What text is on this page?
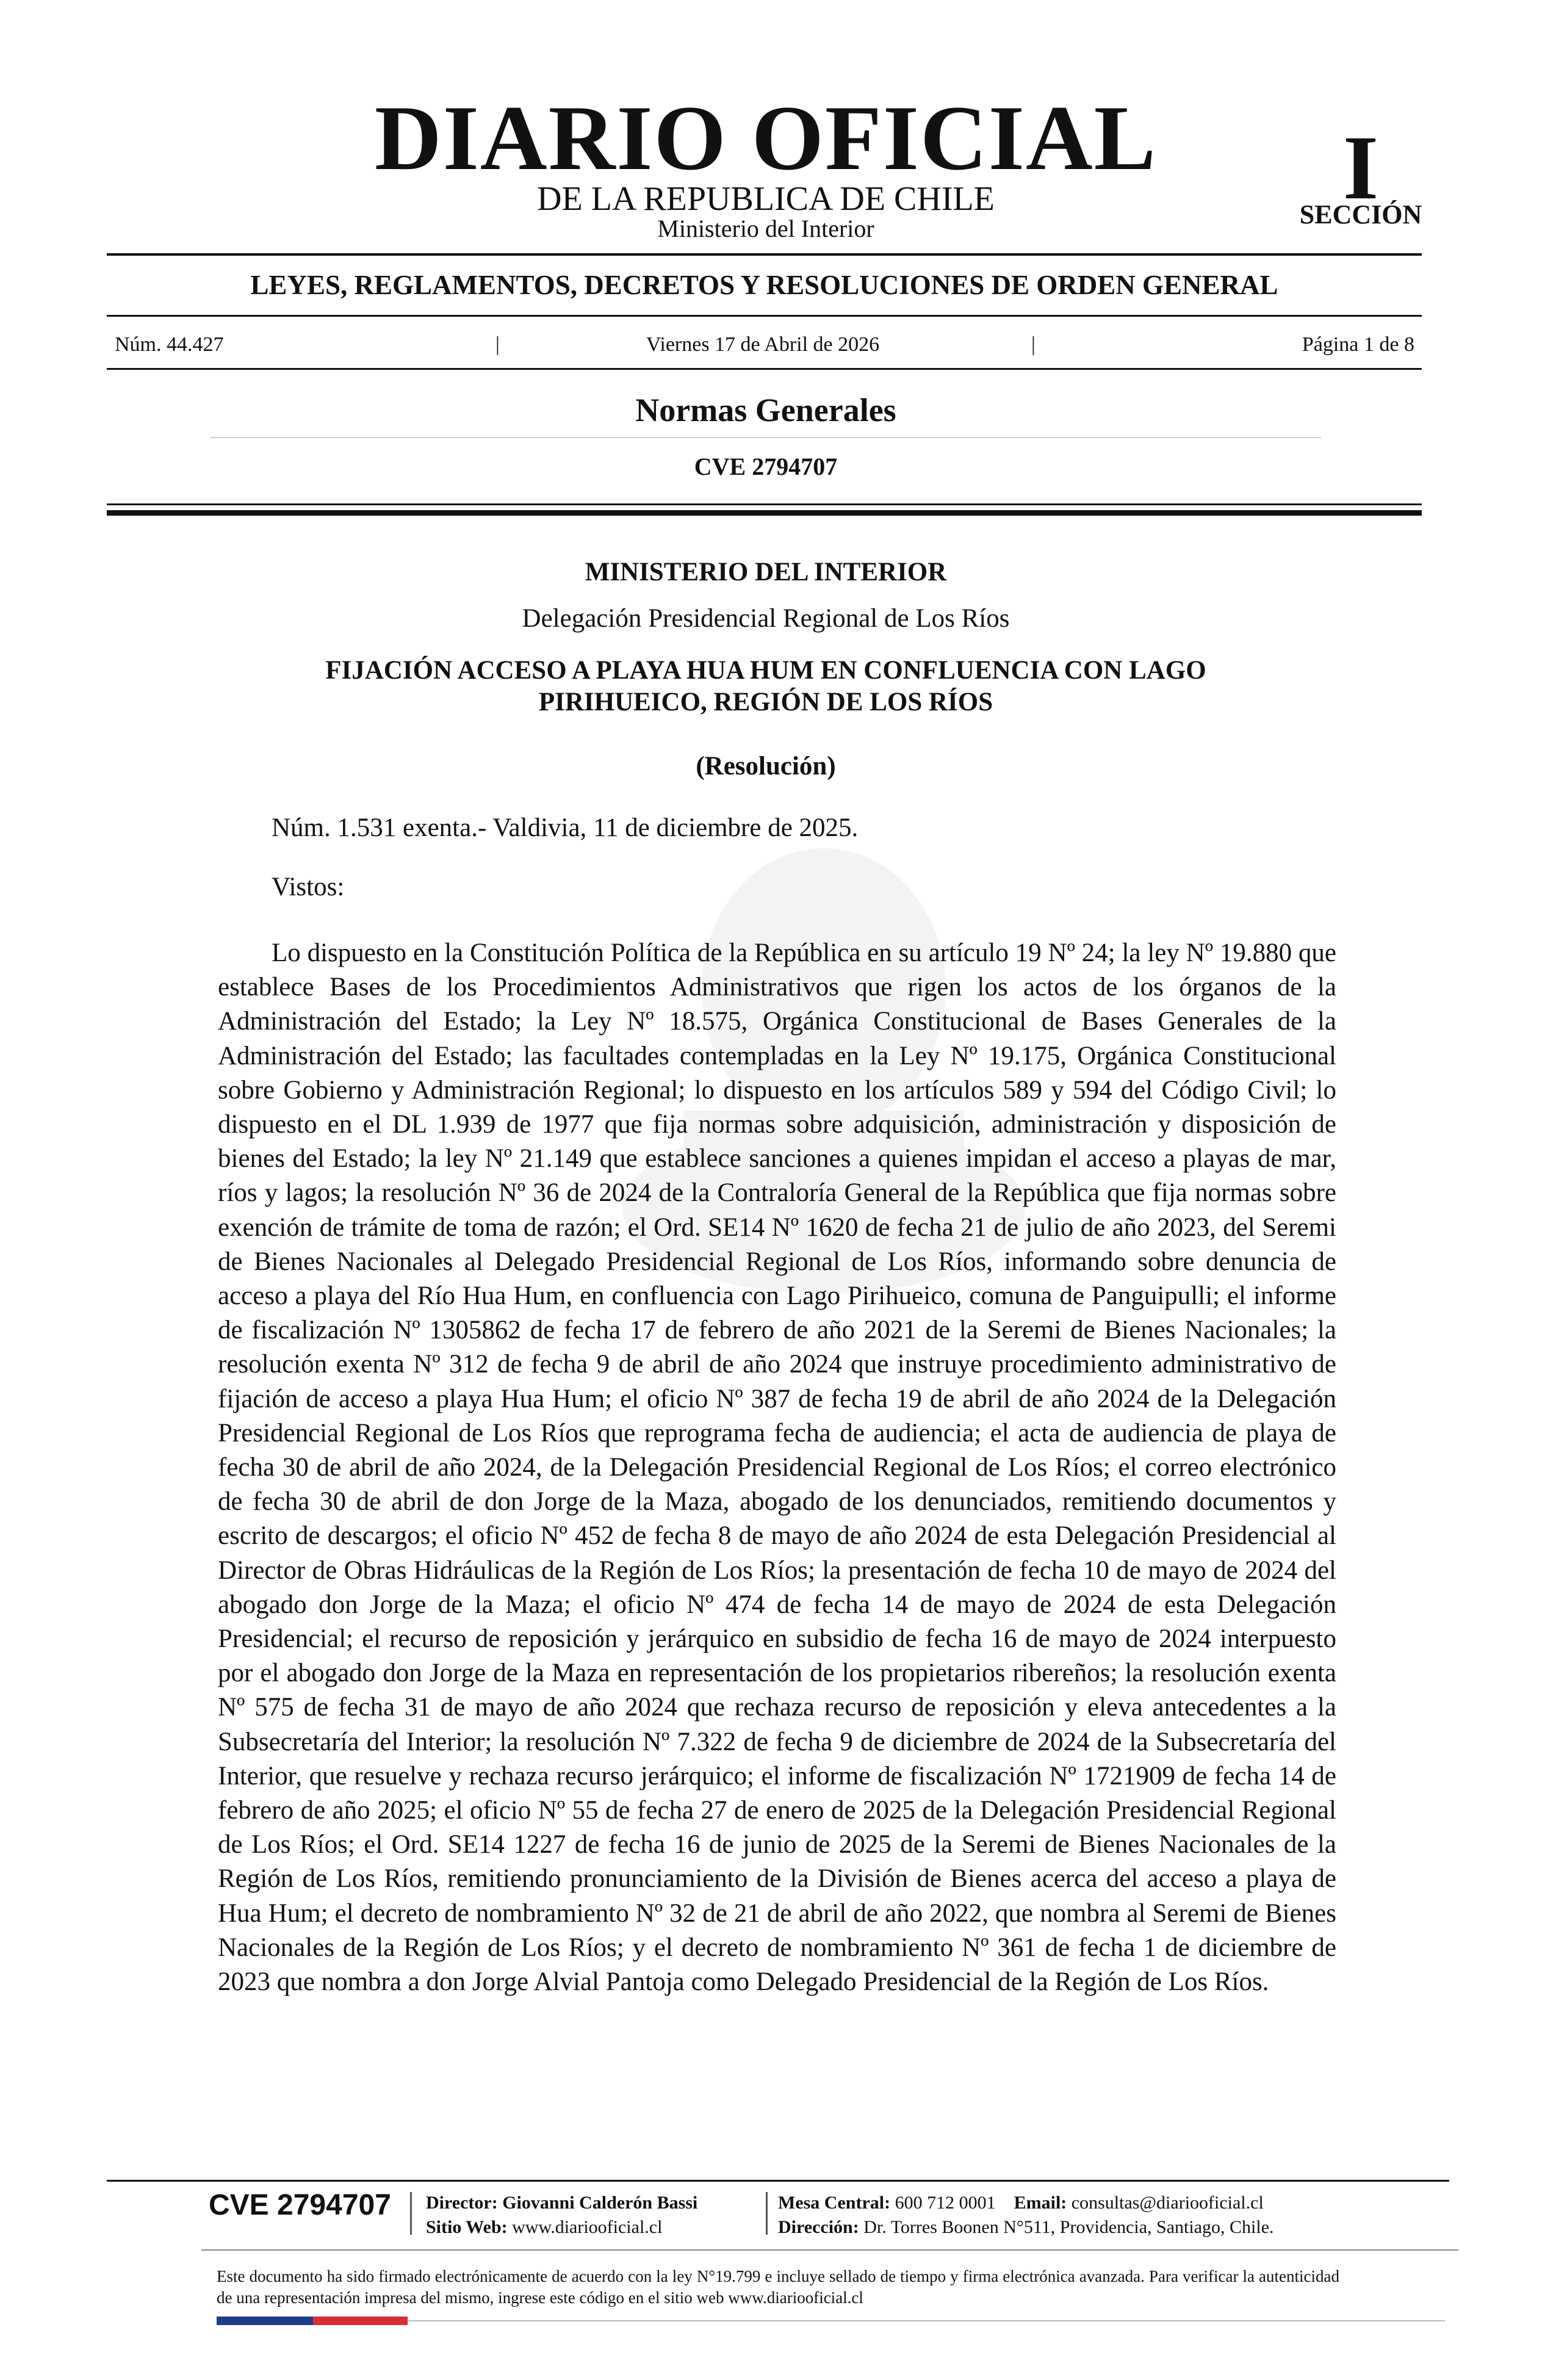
DIARIO OFICIAL
DE LA REPUBLICA DE CHILE
Ministerio del Interior
I
SECCIÓN
LEYES, REGLAMENTOS, DECRETOS Y RESOLUCIONES DE ORDEN GENERAL
Núm. 44.427	|	Viernes 17 de Abril de 2026	|	Página 1 de 8
Normas Generales
CVE 2794707
MINISTERIO DEL INTERIOR
Delegación Presidencial Regional de Los Ríos
FIJACIÓN ACCESO A PLAYA HUA HUM EN CONFLUENCIA CON LAGO
PIRIHUEICO, REGIÓN DE LOS RÍOS
(Resolución)
Núm. 1.531 exenta.- Valdivia, 11 de diciembre de 2025.
Vistos:

Lo dispuesto en la Constitución Política de la República en su artículo 19 Nº 24; la ley Nº 19.880 que establece Bases de los Procedimientos Administrativos que rigen los actos de los órganos de la Administración del Estado; la Ley Nº 18.575, Orgánica Constitucional de Bases Generales de la Administración del Estado; las facultades contempladas en la Ley Nº 19.175, Orgánica Constitucional sobre Gobierno y Administración Regional; lo dispuesto en los artículos 589 y 594 del Código Civil; lo dispuesto en el DL 1.939 de 1977 que fija normas sobre adquisición, administración y disposición de bienes del Estado; la ley Nº 21.149 que establece sanciones a quienes impidan el acceso a playas de mar, ríos y lagos; la resolución Nº 36 de 2024 de la Contraloría General de la República que fija normas sobre exención de trámite de toma de razón; el Ord. SE14 Nº 1620 de fecha 21 de julio de año 2023, del Seremi de Bienes Nacionales al Delegado Presidencial Regional de Los Ríos, informando sobre denuncia de acceso a playa del Río Hua Hum, en confluencia con Lago Pirihueico, comuna de Panguipulli; el informe de fiscalización Nº 1305862 de fecha 17 de febrero de año 2021 de la Seremi de Bienes Nacionales; la resolución exenta Nº 312 de fecha 9 de abril de año 2024 que instruye procedimiento administrativo de fijación de acceso a playa Hua Hum; el oficio Nº 387 de fecha 19 de abril de año 2024 de la Delegación Presidencial Regional de Los Ríos que reprograma fecha de audiencia; el acta de audiencia de playa de fecha 30 de abril de año 2024, de la Delegación Presidencial Regional de Los Ríos; el correo electrónico de fecha 30 de abril de don Jorge de la Maza, abogado de los denunciados, remitiendo documentos y escrito de descargos; el oficio Nº 452 de fecha 8 de mayo de año 2024 de esta Delegación Presidencial al Director de Obras Hidráulicas de la Región de Los Ríos; la presentación de fecha 10 de mayo de 2024 del abogado don Jorge de la Maza; el oficio Nº 474 de fecha 14 de mayo de 2024 de esta Delegación Presidencial; el recurso de reposición y jerárquico en subsidio de fecha 16 de mayo de 2024 interpuesto por el abogado don Jorge de la Maza en representación de los propietarios ribereños; la resolución exenta Nº 575 de fecha 31 de mayo de año 2024 que rechaza recurso de reposición y eleva antecedentes a la Subsecretaría del Interior; la resolución Nº 7.322 de fecha 9 de diciembre de 2024 de la Subsecretaría del Interior, que resuelve y rechaza recurso jerárquico; el informe de fiscalización Nº 1721909 de fecha 14 de febrero de año 2025; el oficio Nº 55 de fecha 27 de enero de 2025 de la Delegación Presidencial Regional de Los Ríos; el Ord. SE14 1227 de fecha 16 de junio de 2025 de la Seremi de Bienes Nacionales de la Región de Los Ríos, remitiendo pronunciamiento de la División de Bienes acerca del acceso a playa de Hua Hum; el decreto de nombramiento Nº 32 de 21 de abril de año 2022, que nombra al Seremi de Bienes Nacionales de la Región de Los Ríos; y el decreto de nombramiento Nº 361 de fecha 1 de diciembre de 2023 que nombra a don Jorge Alvial Pantoja como Delegado Presidencial de la Región de Los Ríos.

CVE 2794707 Director: Giovanni Calderón Bassi
Sitio Web: www.diariooficial.cl
Mesa Central: 600 712 0001 Email: consultas@diariooficial.cl
Dirección: Dr. Torres Boonen N°511, Providencia, Santiago, Chile.
Este documento ha sido firmado electrónicamente de acuerdo con la ley N°19.799 e incluye sellado de tiempo y firma electrónica avanzada. Para verificar la autenticidad de una representación impresa del mismo, ingrese este código en el sitio web www.diariooficial.cl
